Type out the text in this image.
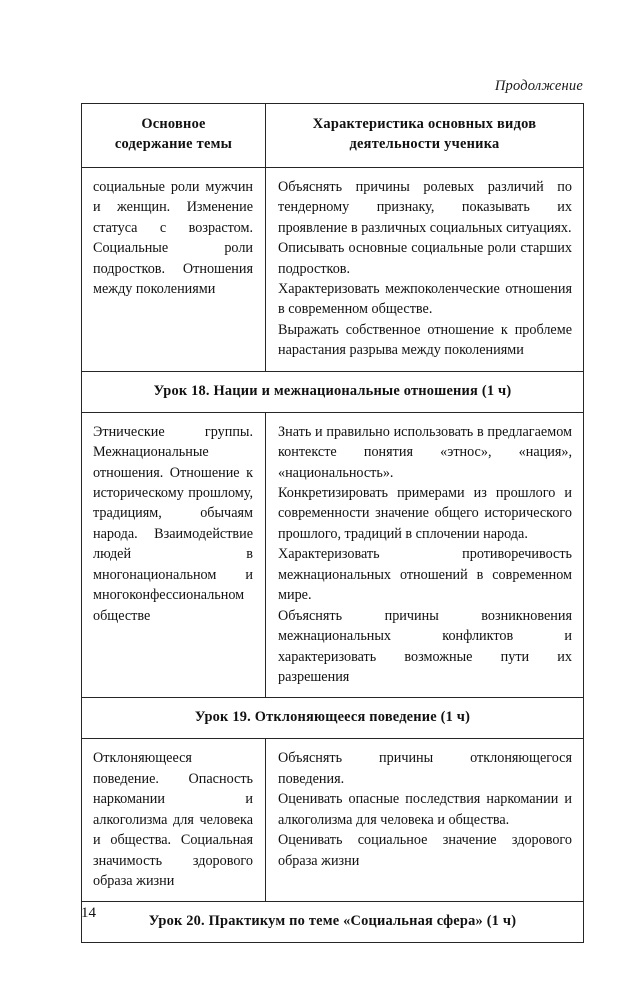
Продолжение
Основное
содержание темы	Характеристика основных видов
деятельности ученика

социальные роли мужчин и женщин. Изменение статуса с возрастом. Социальные роли подростков. Отношения между поколениями	Объяснять причины ролевых различий по тендерному признаку, показывать их проявление в различных социальных ситуациях.

Описывать основные социальные роли старших подростков.

Характеризовать межпоколенческие отношения в современном обществе.

Выражать собственное отношение к проблеме нарастания разрыва между поколениями

Урок 18. Нации и межнациональные отношения (1 ч)	

Этнические группы. Межнациональные отношения. Отношение к историческому прошлому, традициям, обычаям народа. Взаимодействие людей в многонациональном и многоконфессиональном обществе	Знать и правильно использовать в предлагаемом контексте понятия «этнос», «нация», «национальность».

Конкретизировать примерами из прошлого и современности значение общего исторического прошлого, традиций в сплочении народа.

Характеризовать противоречивость межнациональных отношений в современном мире.

Объяснять причины возникновения межнациональных конфликтов и характеризовать возможные пути их разрешения

Урок 19. Отклоняющееся поведение (1 ч)	

Отклоняющееся поведение. Опасность наркомании и алкоголизма для человека и общества. Социальная значимость здорового образа жизни	Объяснять причины отклоняющегося поведения.

Оценивать опасные последствия наркомании и алкоголизма для человека и общества.

Оценивать социальное значение здорового образа жизни

Урок 20. Практикум по теме «Социальная сфера» (1 ч)	
14
